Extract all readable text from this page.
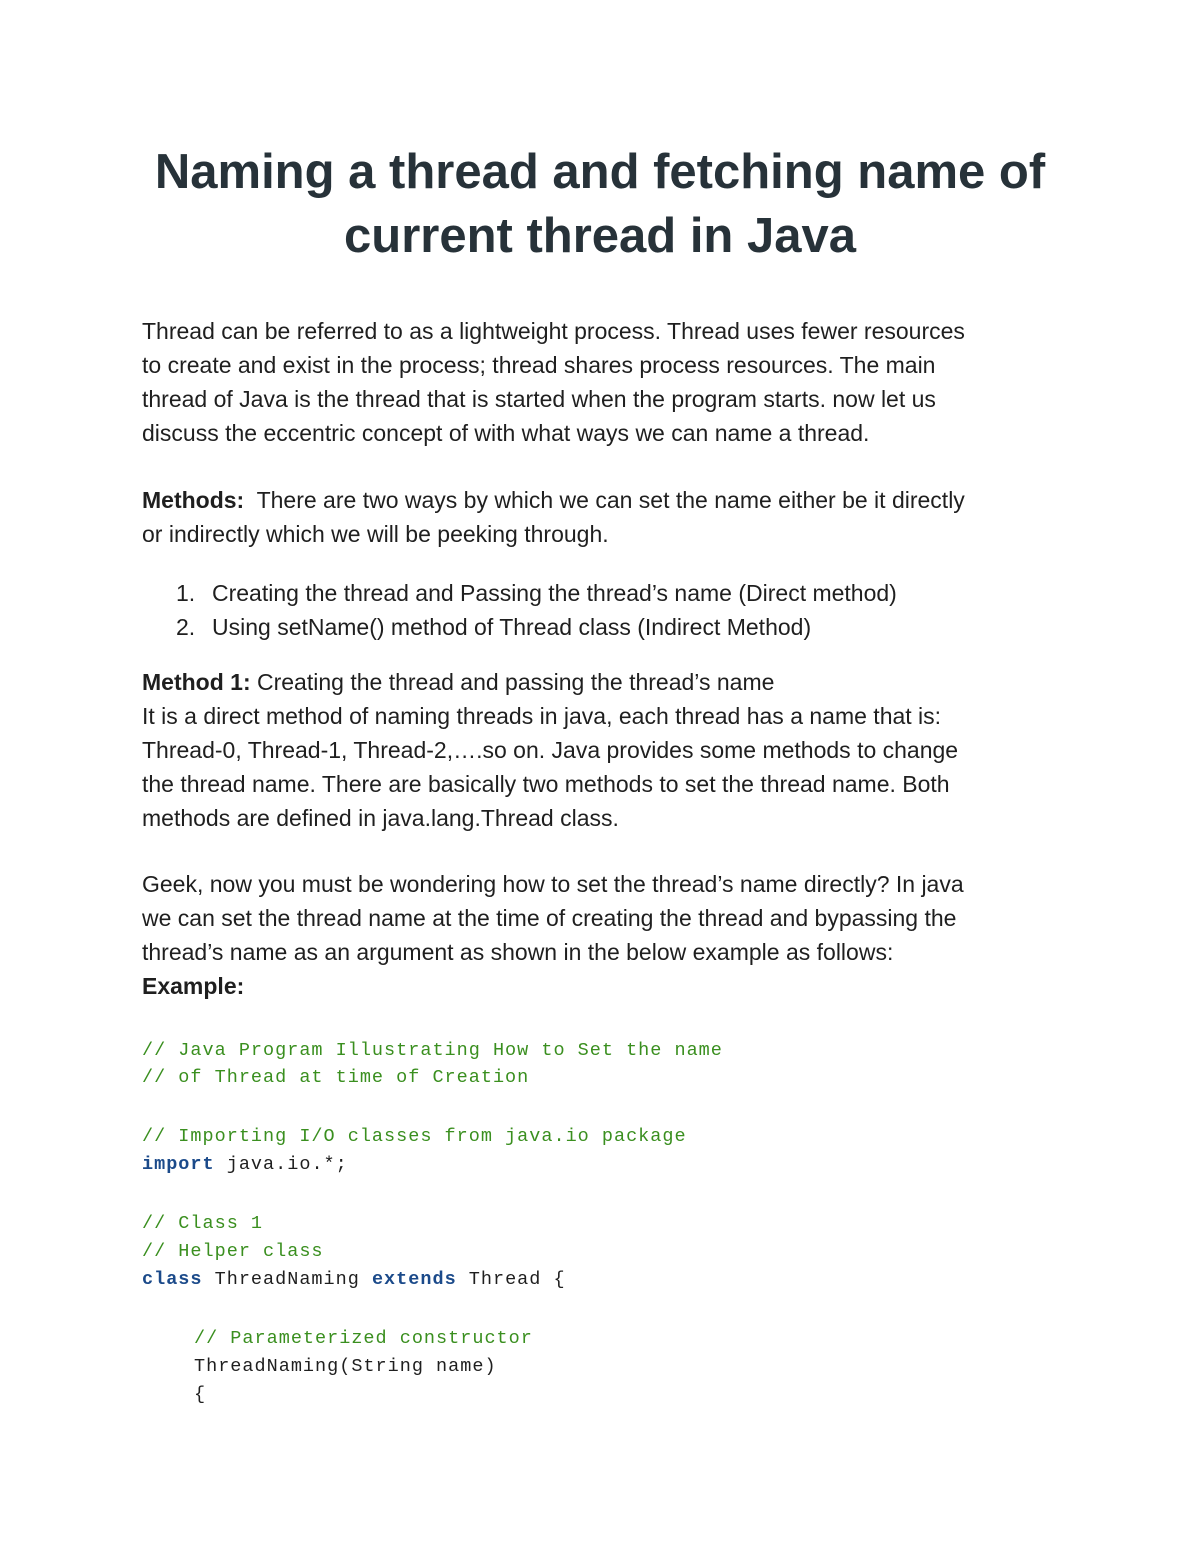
Naming a thread and fetching name of
current thread in Java
Thread can be referred to as a lightweight process. Thread uses fewer resources
to create and exist in the process; thread shares process resources. The main
thread of Java is the thread that is started when the program starts. now let us
discuss the eccentric concept of with what ways we can name a thread.
Methods:  There are two ways by which we can set the name either be it directly
or indirectly which we will be peeking through.
1. Creating the thread and Passing the thread’s name (Direct method)
2. Using setName() method of Thread class (Indirect Method)
Method 1: Creating the thread and passing the thread’s name
It is a direct method of naming threads in java, each thread has a name that is:
Thread-0, Thread-1, Thread-2,….so on. Java provides some methods to change
the thread name. There are basically two methods to set the thread name. Both
methods are defined in java.lang.Thread class.
Geek, now you must be wondering how to set the thread’s name directly? In java
we can set the thread name at the time of creating the thread and bypassing the
thread’s name as an argument as shown in the below example as follows:
Example:
// Java Program Illustrating How to Set the name
// of Thread at time of Creation
// Importing I/O classes from java.io package
import java.io.*;
// Class 1
// Helper class
class ThreadNaming extends Thread {
// Parameterized constructor
ThreadNaming(String name)
{
